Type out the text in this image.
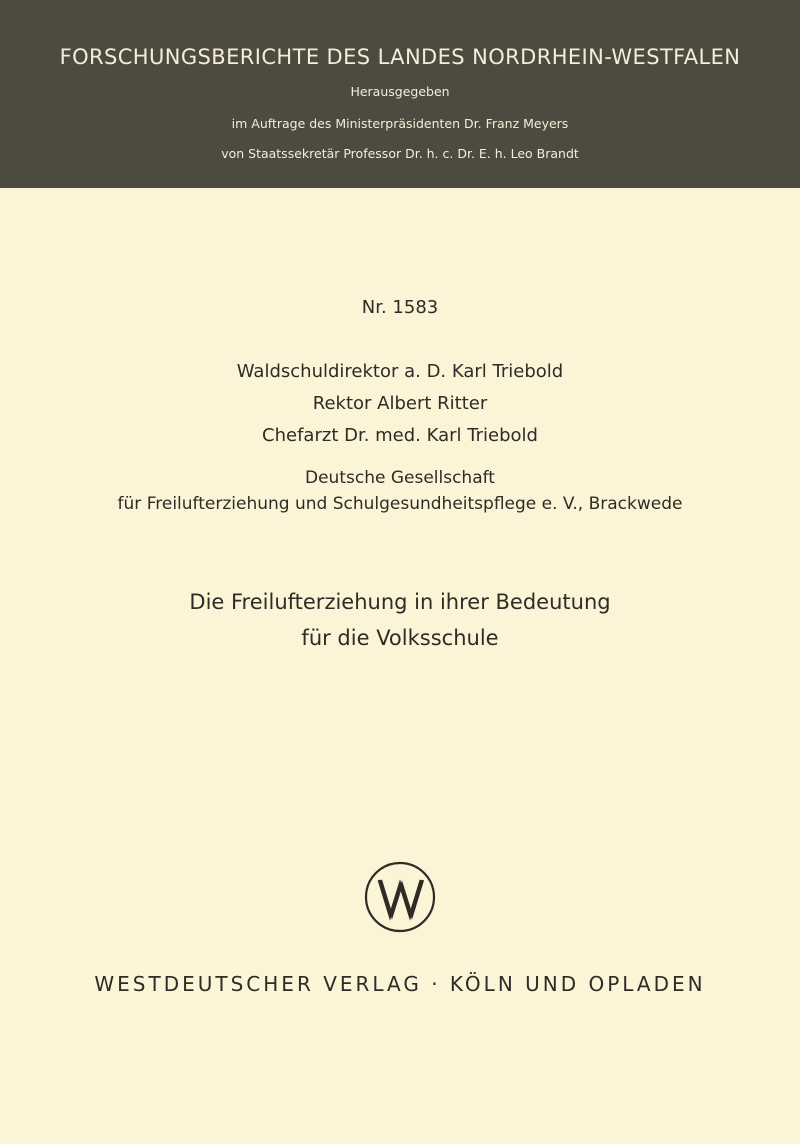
FORSCHUNGSBERICHTE DES LANDES NORDRHEIN-WESTFALEN
Herausgegeben
im Auftrage des Ministerpräsidenten Dr. Franz Meyers
von Staatssekretär Professor Dr. h. c. Dr. E. h. Leo Brandt
Nr. 1583
Waldschuldirektor a. D. Karl Triebold
Rektor Albert Ritter
Chefarzt Dr. med. Karl Triebold
Deutsche Gesellschaft
für Freilufterziehung und Schulgesundheitspflege e. V., Brackwede
Die Freilufterziehung in ihrer Bedeutung
für die Volksschule
WESTDEUTSCHER VERLAG · KÖLN UND OPLADEN
